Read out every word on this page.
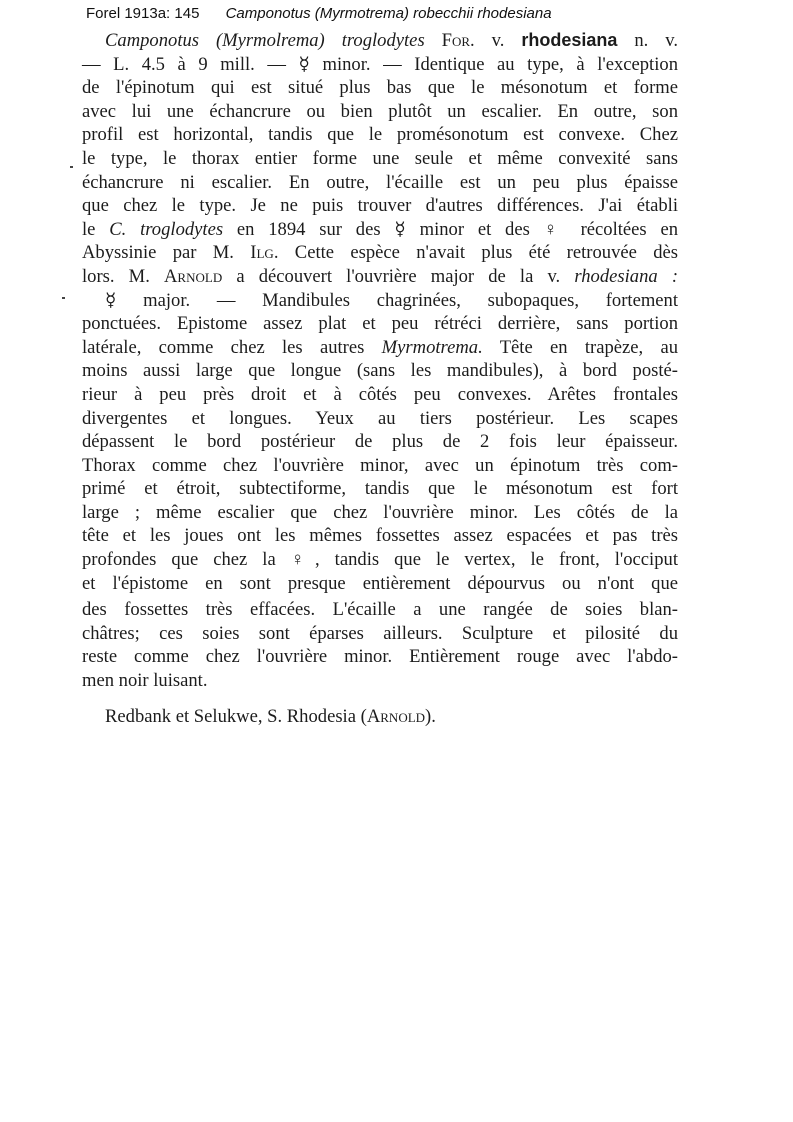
Forel 1913a: 145 Camponotus (Myrmotrema) robecchii rhodesiana
Camponotus (Myrmolrema) troglodytes For. v. rhodesiana n. v.
— L. 4.5 à 9 mill. — ☿ minor. — Identique au type, à l'exception
de l'épinotum qui est situé plus bas que le mésonotum et forme
avec lui une échancrure ou bien plutôt un escalier. En outre, son
profil est horizontal, tandis que le promésonotum est convexe. Chez
le type, le thorax entier forme une seule et même convexité sans
échancrure ni escalier. En outre, l'écaille est un peu plus épaisse
que chez le type. Je ne puis trouver d'autres différences. J'ai établi
le C. troglodytes en 1894 sur des ☿ minor et des ♀ récoltées en
Abyssinie par M. Ilg. Cette espèce n'avait plus été retrouvée dès
lors. M. Arnold a découvert l'ouvrière major de la v. rhodesiana :
☿ major. — Mandibules chagrinées, subopaques, fortement
ponctuées. Epistome assez plat et peu rétréci derrière, sans portion
latérale, comme chez les autres Myrmotrema. Tête en trapèze, au
moins aussi large que longue (sans les mandibules), à bord posté-
rieur à peu près droit et à côtés peu convexes. Arêtes frontales
divergentes et longues. Yeux au tiers postérieur. Les scapes
dépassent le bord postérieur de plus de 2 fois leur épaisseur.
Thorax comme chez l'ouvrière minor, avec un épinotum très com-
primé et étroit, subtectiforme, tandis que le mésonotum est fort
large ; même escalier que chez l'ouvrière minor. Les côtés de la
tête et les joues ont les mêmes fossettes assez espacées et pas très
profondes que chez la ♀, tandis que le vertex, le front, l'occiput
et l'épistome en sont presque entièrement dépourvus ou n'ont que
des fossettes très effacées. L'écaille a une rangée de soies blan-
châtres; ces soies sont éparses ailleurs. Sculpture et pilosité du
reste comme chez l'ouvrière minor. Entièrement rouge avec l'abdo-
men noir luisant.
Redbank et Selukwe, S. Rhodesia (Arnold).
